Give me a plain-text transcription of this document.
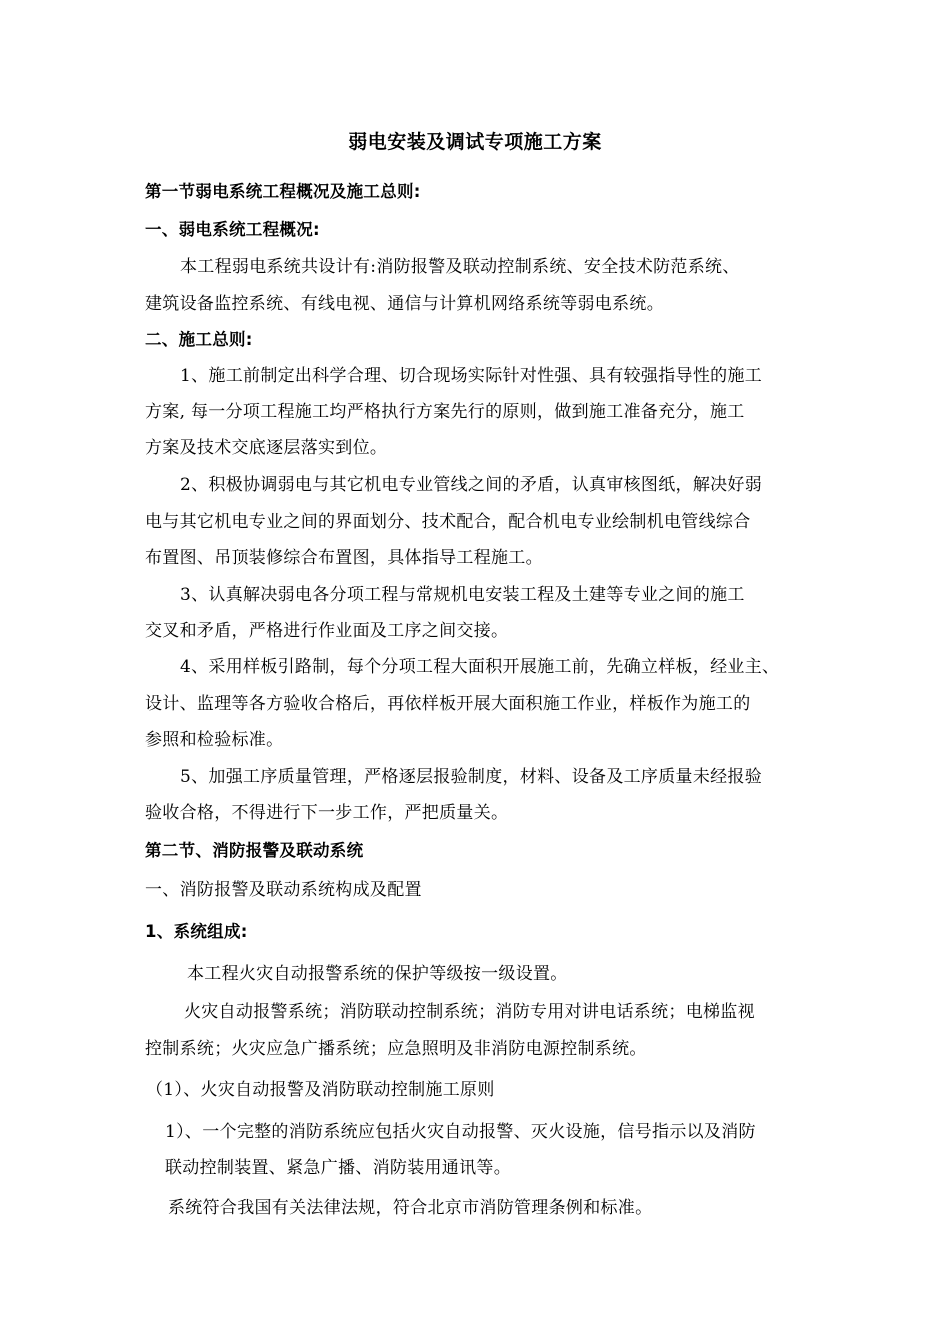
弱电安装及调试专项施工方案
第一节弱电系统工程概况及施工总则:
一、弱电系统工程概况:
本工程弱电系统共设计有:消防报警及联动控制系统、安全技术防范系统、
建筑设备监控系统、有线电视、通信与计算机网络系统等弱电系统。
二、施工总则:
1、施工前制定出科学合理、切合现场实际针对性强、具有较强指导性的施工
方案, 每一分项工程施工均严格执行方案先行的原则，做到施工准备充分，施工
方案及技术交底逐层落实到位。
2、积极协调弱电与其它机电专业管线之间的矛盾，认真审核图纸，解决好弱
电与其它机电专业之间的界面划分、技术配合，配合机电专业绘制机电管线综合
布置图、吊顶装修综合布置图，具体指导工程施工。
3、认真解决弱电各分项工程与常规机电安装工程及土建等专业之间的施工
交叉和矛盾，严格进行作业面及工序之间交接。
4、采用样板引路制，每个分项工程大面积开展施工前，先确立样板，经业主、
设计、监理等各方验收合格后，再依样板开展大面积施工作业，样板作为施工的
参照和检验标准。
5、加强工序质量管理，严格逐层报验制度，材料、设备及工序质量未经报验
验收合格，不得进行下一步工作，严把质量关。
第二节、消防报警及联动系统
一、消防报警及联动系统构成及配置
1、系统组成:
本工程火灾自动报警系统的保护等级按一级设置。
火灾自动报警系统；消防联动控制系统；消防专用对讲电话系统；电梯监视
控制系统；火灾应急广播系统；应急照明及非消防电源控制系统。
（1）、火灾自动报警及消防联动控制施工原则
1）、一个完整的消防系统应包括火灾自动报警、灭火设施，信号指示以及消防
联动控制装置、紧急广播、消防装用通讯等。
系统符合我国有关法律法规，符合北京市消防管理条例和标准。
